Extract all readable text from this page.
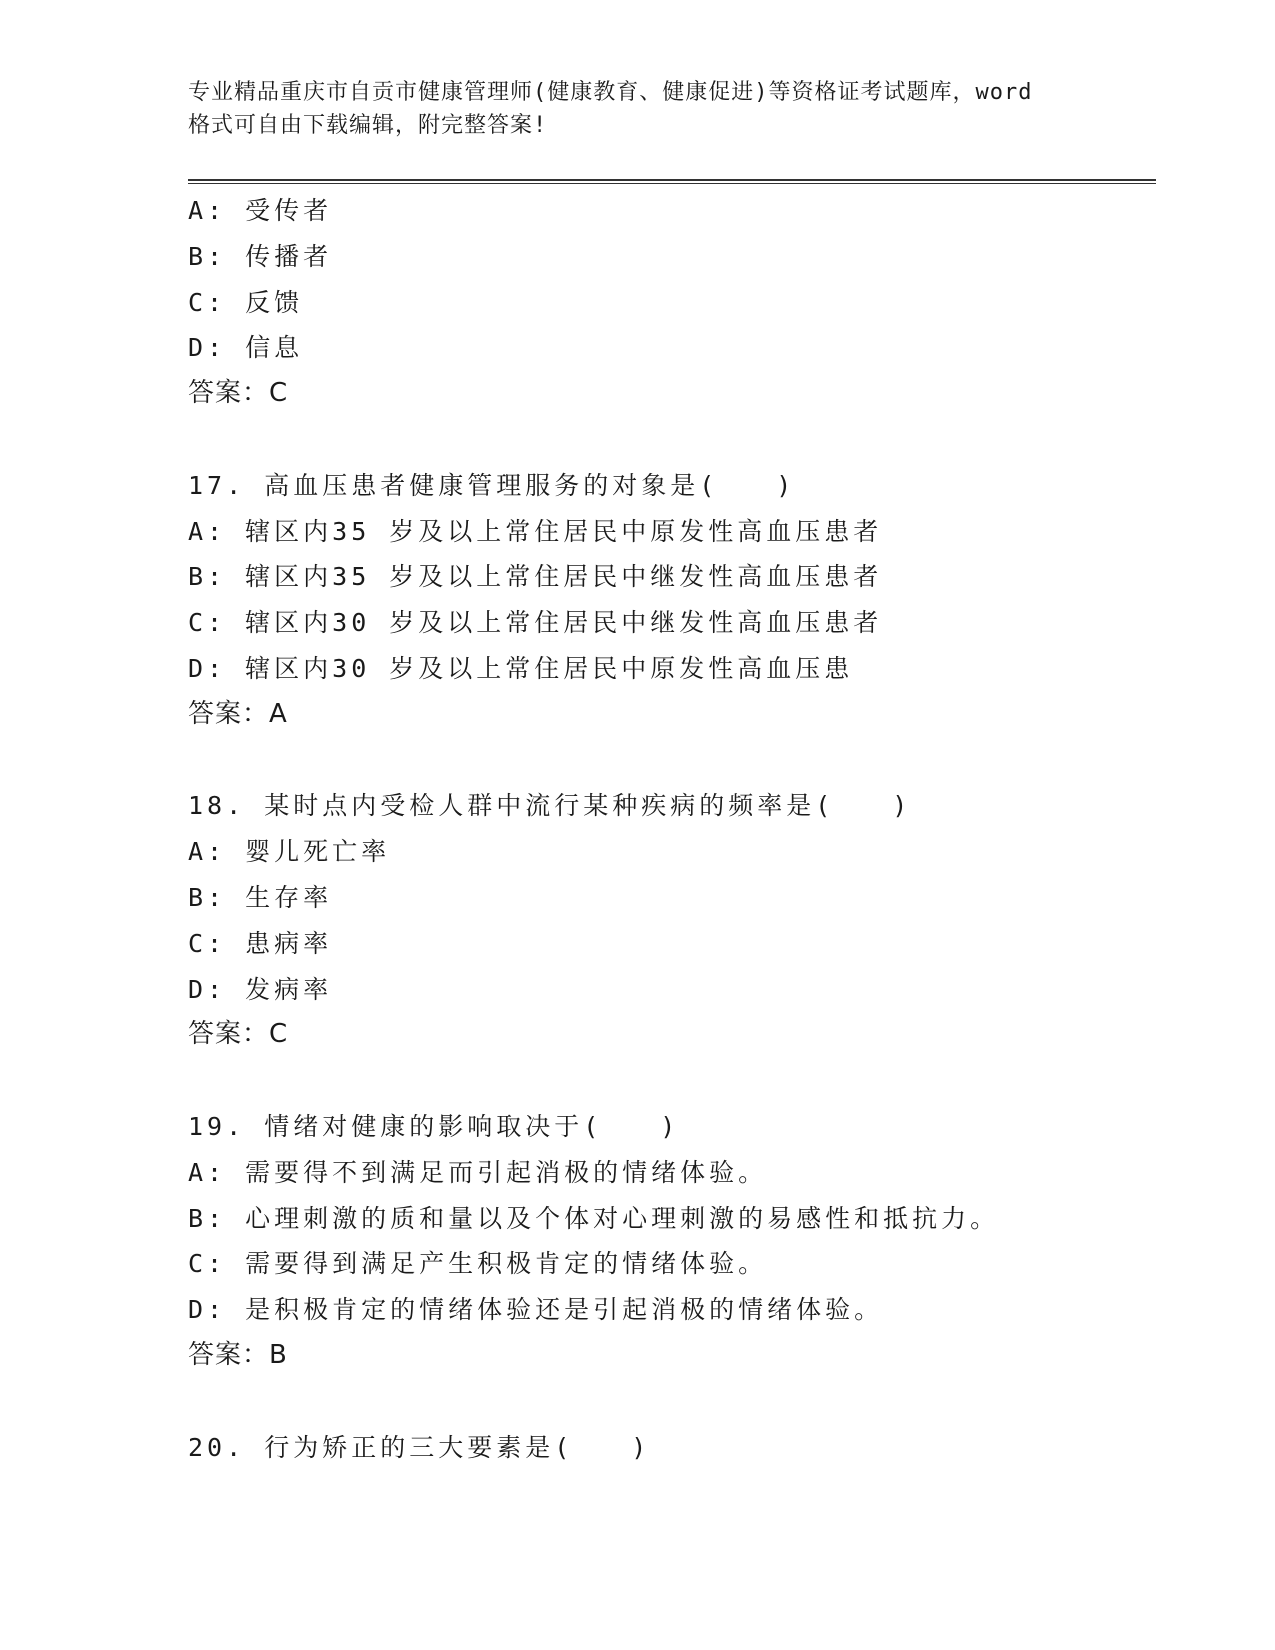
专业精品重庆市自贡市健康管理师(健康教育、健康促进)等资格证考试题库，word
格式可自由下载编辑，附完整答案!
A: 受传者
B: 传播者
C: 反馈
D: 信息
答案：C
17. 高血压患者健康管理服务的对象是(　　)
A: 辖区内35 岁及以上常住居民中原发性高血压患者
B: 辖区内35 岁及以上常住居民中继发性高血压患者
C: 辖区内30 岁及以上常住居民中继发性高血压患者
D: 辖区内30 岁及以上常住居民中原发性高血压患
答案：A
18. 某时点内受检人群中流行某种疾病的频率是(　　)
A: 婴儿死亡率
B: 生存率
C: 患病率
D: 发病率
答案：C
19. 情绪对健康的影响取决于(　　)
A: 需要得不到满足而引起消极的情绪体验。
B: 心理刺激的质和量以及个体对心理刺激的易感性和抵抗力。
C: 需要得到满足产生积极肯定的情绪体验。
D: 是积极肯定的情绪体验还是引起消极的情绪体验。
答案：B
20. 行为矫正的三大要素是(　　)
